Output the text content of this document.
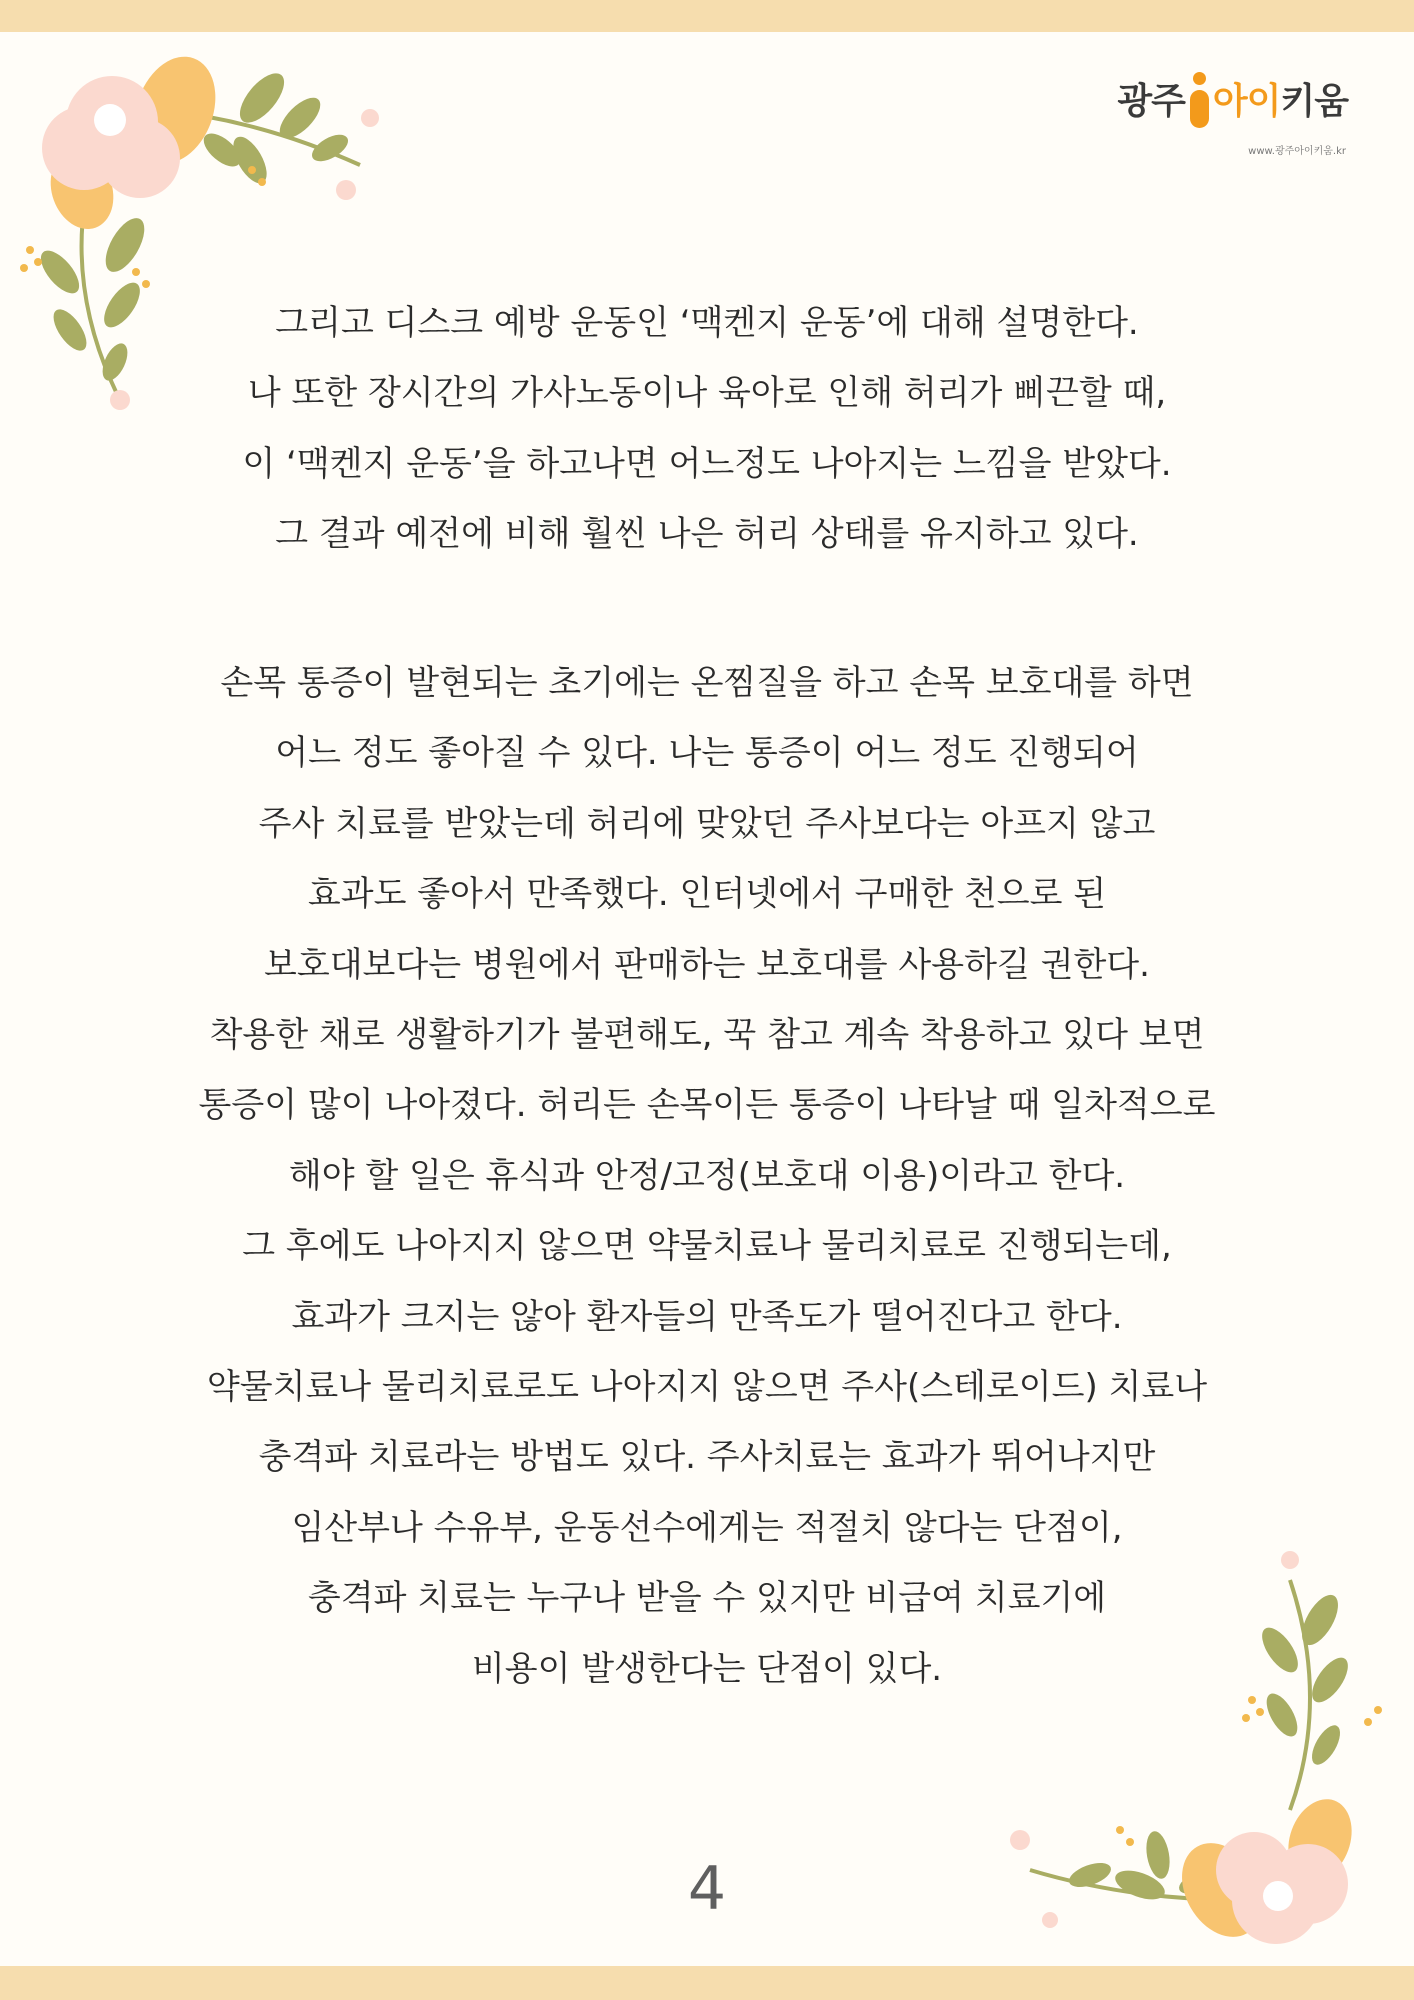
광주 아이 키움
www.광주아이키움.kr

그리고 디스크 예방 운동인 ‘맥켄지 운동’에 대해 설명한다.
나 또한 장시간의 가사노동이나 육아로 인해 허리가 삐끈할 때,
이 ‘맥켄지 운동’을 하고나면 어느정도 나아지는 느낌을 받았다.
그 결과 예전에 비해 훨씬 나은 허리 상태를 유지하고 있다.

손목 통증이 발현되는 초기에는 온찜질을 하고 손목 보호대를 하면
어느 정도 좋아질 수 있다. 나는 통증이 어느 정도 진행되어
주사 치료를 받았는데 허리에 맞았던 주사보다는 아프지 않고
효과도 좋아서 만족했다. 인터넷에서 구매한 천으로 된
보호대보다는 병원에서 판매하는 보호대를 사용하길 권한다.
착용한 채로 생활하기가 불편해도, 꾹 참고 계속 착용하고 있다 보면
통증이 많이 나아졌다. 허리든 손목이든 통증이 나타날 때 일차적으로
해야 할 일은 휴식과 안정/고정(보호대 이용)이라고 한다.
그 후에도 나아지지 않으면 약물치료나 물리치료로 진행되는데,
효과가 크지는 않아 환자들의 만족도가 떨어진다고 한다.
약물치료나 물리치료로도 나아지지 않으면 주사(스테로이드) 치료나
충격파 치료라는 방법도 있다. 주사치료는 효과가 뛰어나지만
임산부나 수유부, 운동선수에게는 적절치 않다는 단점이,
충격파 치료는 누구나 받을 수 있지만 비급여 치료기에
비용이 발생한다는 단점이 있다.

4
